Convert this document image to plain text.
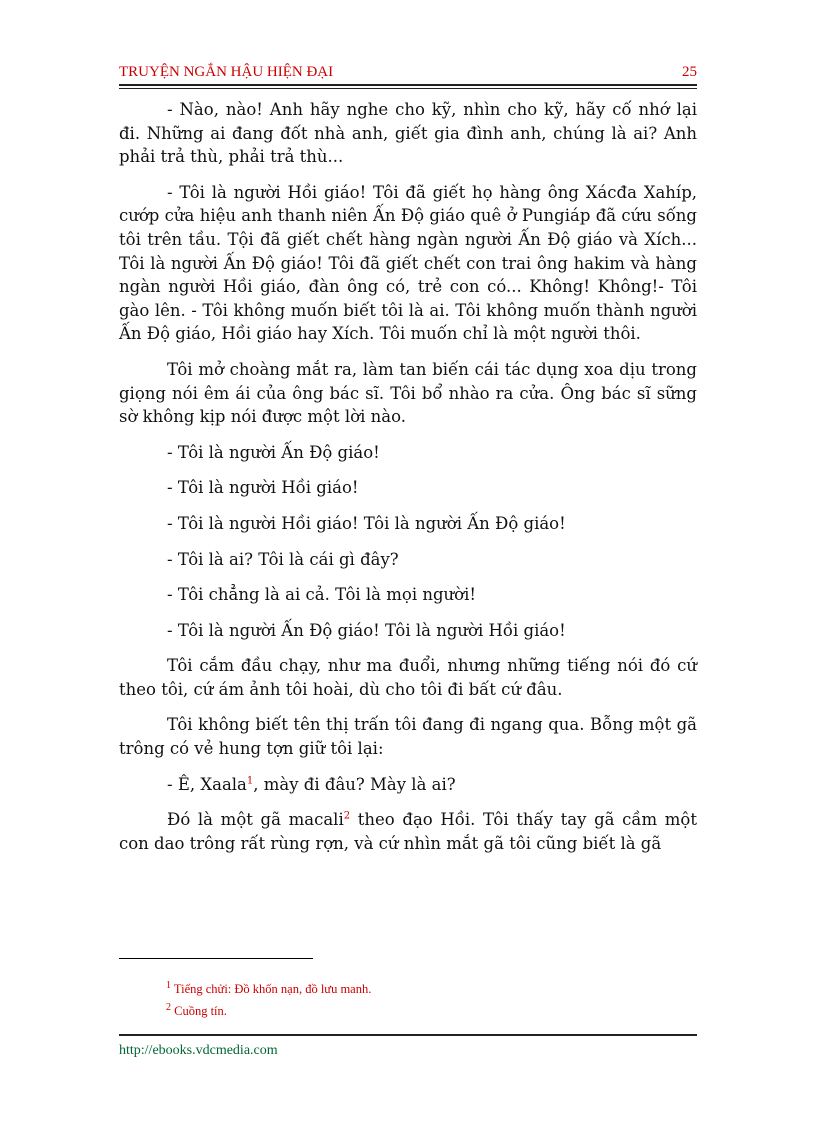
TRUYỆN NGẮN HẬU HIỆN ĐẠI	25

- Nào, nào! Anh hãy nghe cho kỹ, nhìn cho kỹ, hãy cố nhớ lại đi. Những ai đang đốt nhà anh, giết gia đình anh, chúng là ai? Anh phải trả thù, phải trả thù...

- Tôi là người Hồi giáo! Tôi đã giết họ hàng ông Xácđa Xahíp, cướp cửa hiệu anh thanh niên Ấn Độ giáo quê ở Pungiáp đã cứu sống tôi trên tầu. Tội đã giết chết hàng ngàn người Ấn Độ giáo và Xích... Tôi là người Ấn Độ giáo! Tôi đã giết chết con trai ông hakim và hàng ngàn người Hồi giáo, đàn ông có, trẻ con có... Không! Không!- Tôi gào lên. - Tôi không muốn biết tôi là ai. Tôi không muốn thành người Ấn Độ giáo, Hồi giáo hay Xích. Tôi muốn chỉ là một người thôi.

Tôi mở choàng mắt ra, làm tan biến cái tác dụng xoa dịu trong giọng nói êm ái của ông bác sĩ. Tôi bổ nhào ra cửa. Ông bác sĩ sững sờ không kịp nói được một lời nào.

- Tôi là người Ấn Độ giáo!

- Tôi là người Hồi giáo!

- Tôi là người Hồi giáo! Tôi là người Ấn Độ giáo!

- Tôi là ai? Tôi là cái gì đây?

- Tôi chẳng là ai cả. Tôi là mọi người!

- Tôi là người Ấn Độ giáo! Tôi là người Hồi giáo!

Tôi cắm đầu chạy, như ma đuổi, nhưng những tiếng nói đó cứ theo tôi, cứ ám ảnh tôi hoài, dù cho tôi đi bất cứ đâu.

Tôi không biết tên thị trấn tôi đang đi ngang qua. Bỗng một gã trông có vẻ hung tợn giữ tôi lại:

- Ê, Xaala$^1$, mày đi đâu? Mày là ai?

Đó là một gã macali$^2$ theo đạo Hồi. Tôi thấy tay gã cầm một con dao trông rất rùng rợn, và cứ nhìn mắt gã tôi cũng biết là gã

$^1$ Tiếng chửi: Đồ khốn nạn, đồ lưu manh.
$^2$ Cuồng tín.
http://ebooks.vdcmedia.com
